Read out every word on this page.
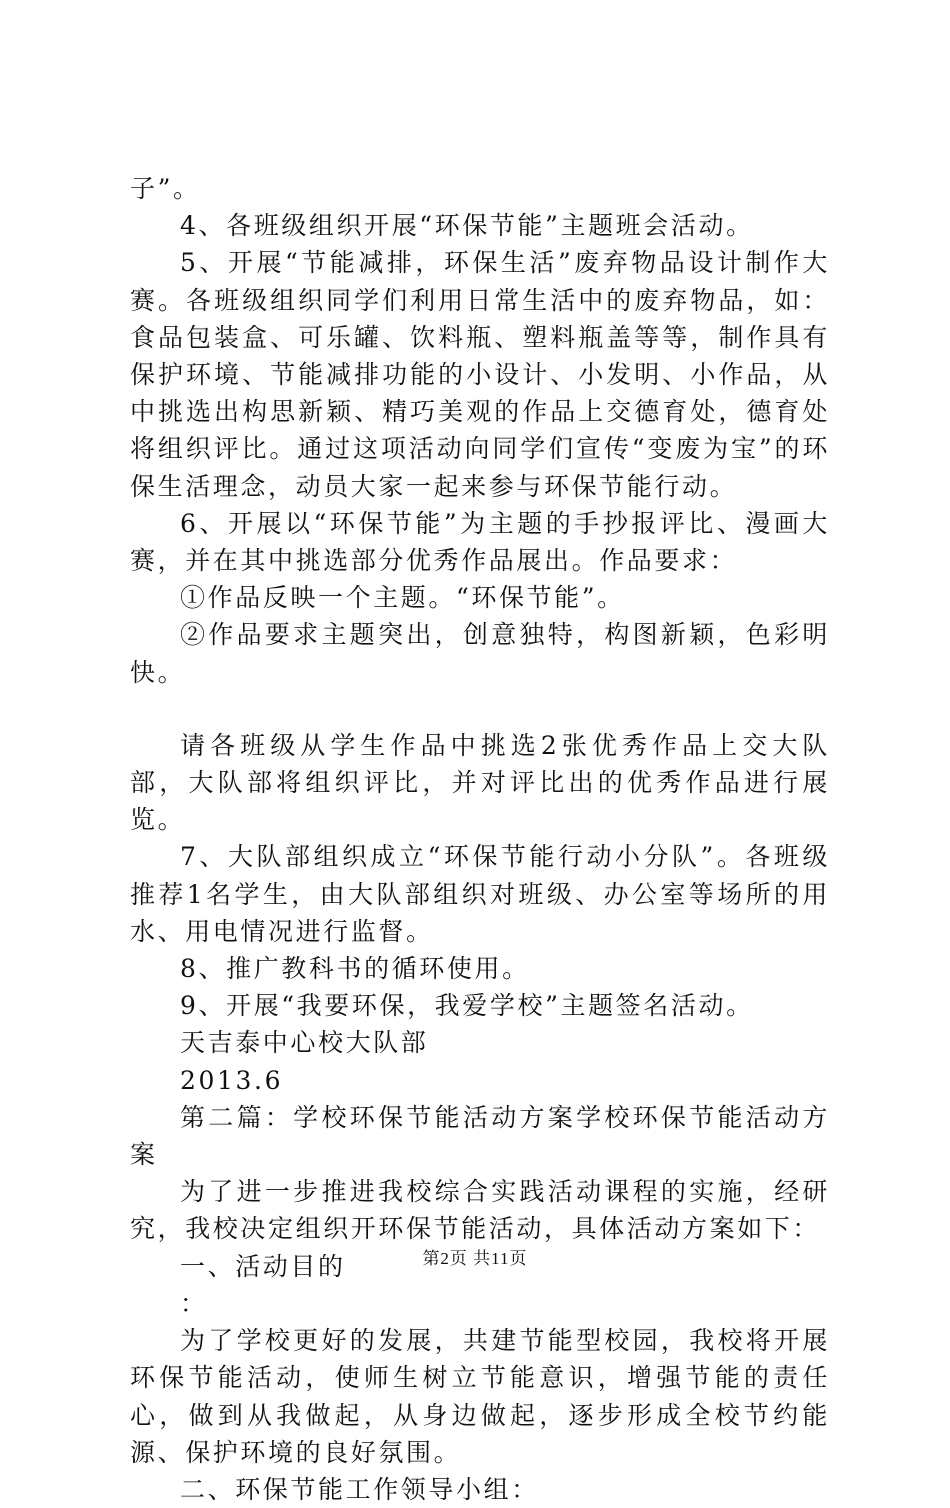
子”。

4、各班级组织开展“环保节能”主题班会活动。

5、开展“节能减排，环保生活”废弃物品设计制作大赛。各班级组织同学们利用日常生活中的废弃物品，如：食品包装盒、可乐罐、饮料瓶、塑料瓶盖等等，制作具有保护环境、节能减排功能的小设计、小发明、小作品，从中挑选出构思新颖、精巧美观的作品上交德育处，德育处将组织评比。通过这项活动向同学们宣传“变废为宝”的环保生活理念，动员大家一起来参与环保节能行动。

6、开展以“环保节能”为主题的手抄报评比、漫画大赛，并在其中挑选部分优秀作品展出。作品要求：

①作品反映一个主题。“环保节能”。

②作品要求主题突出，创意独特，构图新颖，色彩明快。

请各班级从学生作品中挑选2张优秀作品上交大队部，大队部将组织评比，并对评比出的优秀作品进行展览。

7、大队部组织成立“环保节能行动小分队”。各班级推荐1名学生，由大队部组织对班级、办公室等场所的用水、用电情况进行监督。

8、推广教科书的循环使用。

9、开展“我要环保，我爱学校”主题签名活动。

天吉泰中心校大队部

2013.6

第二篇：学校环保节能活动方案学校环保节能活动方案

为了进一步推进我校综合实践活动课程的实施，经研究，我校决定组织开环保节能活动，具体活动方案如下：

一、活动目的

：

为了学校更好的发展，共建节能型校园，我校将开展环保节能活动，使师生树立节能意识，增强节能的责任心，做到从我做起，从身边做起，逐步形成全校节约能源、保护环境的良好氛围。

二、环保节能工作领导小组：

第2页 共11页
